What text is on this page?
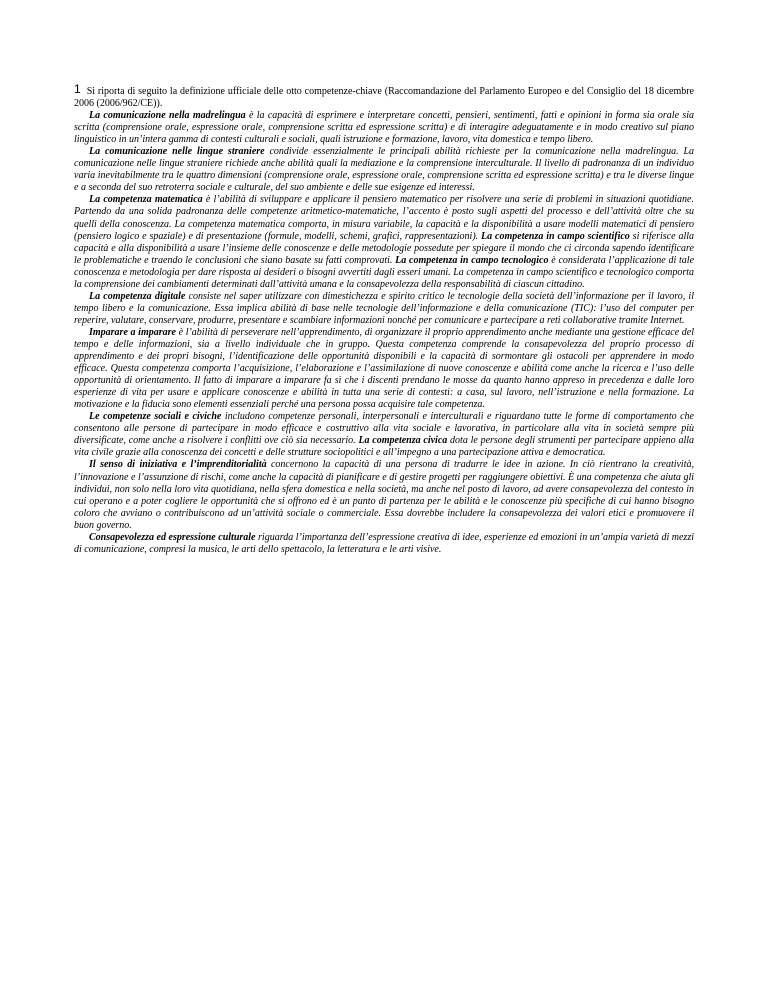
1 Si riporta di seguito la definizione ufficiale delle otto competenze-chiave (Raccomandazione del Parlamento Europeo e del Consiglio del 18 dicembre 2006 (2006/962/CE)).

La comunicazione nella madrelingua è la capacità di esprimere e interpretare concetti, pensieri, sentimenti, fatti e opinioni in forma sia orale sia scritta (comprensione orale, espressione orale, comprensione scritta ed espressione scritta) e di interagire adeguatamente e in modo creativo sul piano linguistico in un’intera gamma di contesti culturali e sociali, quali istruzione e formazione, lavoro, vita domestica e tempo libero.

La comunicazione nelle lingue straniere condivide essenzialmente le principali abilità richieste per la comunicazione nella madrelingua. La comunicazione nelle lingue straniere richiede anche abilità quali la mediazione e la comprensione interculturale. Il livello di padronanza di un individuo varia inevitabilmente tra le quattro dimensioni (comprensione orale, espressione orale, comprensione scritta ed espressione scritta) e tra le diverse lingue e a seconda del suo retroterra sociale e culturale, del suo ambiente e delle sue esigenze ed interessi.

La competenza matematica è l’abilità di sviluppare e applicare il pensiero matematico per risolvere una serie di problemi in situazioni quotidiane. Partendo da una solida padronanza delle competenze aritmetico-matematiche, l’accento è posto sugli aspetti del processo e dell’attività oltre che su quelli della conoscenza. La competenza matematica comporta, in misura variabile, la capacità e la disponibilità a usare modelli matematici di pensiero (pensiero logico e spaziale) e di presentazione (formule, modelli, schemi, grafici, rappresentazioni). La competenza in campo scientifico si riferisce alla capacità e alla disponibilità a usare l’insieme delle conoscenze e delle metodologie possedute per spiegare il mondo che ci circonda sapendo identificare le problematiche e traendo le conclusioni che siano basate su fatti comprovati. La competenza in campo tecnologico è considerata l’applicazione di tale conoscenza e metodologia per dare risposta ai desideri o bisogni avvertiti dagli esseri umani. La competenza in campo scientifico e tecnologico comporta la comprensione dei cambiamenti determinati dall’attività umana e la consapevolezza della responsabilità di ciascun cittadino.

La competenza digitale consiste nel saper utilizzare con dimestichezza e spirito critico le tecnologie della società dell’informazione per il lavoro, il tempo libero e la comunicazione. Essa implica abilità di base nelle tecnologie dell’informazione e della comunicazione (TIC): l’uso del computer per reperire, valutare, conservare, produrre, presentare e scambiare informazioni nonché per comunicare e partecipare a reti collaborative tramite Internet.

Imparare a imparare è l’abilità di perseverare nell’apprendimento, di organizzare il proprio apprendimento anche mediante una gestione efficace del tempo e delle informazioni, sia a livello individuale che in gruppo. Questa competenza comprende la consapevolezza del proprio processo di apprendimento e dei propri bisogni, l’identificazione delle opportunità disponibili e la capacità di sormontare gli ostacoli per apprendere in modo efficace. Questa competenza comporta l’acquisizione, l’elaborazione e l’assimilazione di nuove conoscenze e abilità come anche la ricerca e l’uso delle opportunità di orientamento. Il fatto di imparare a imparare fa sì che i discenti prendano le mosse da quanto hanno appreso in precedenza e dalle loro esperienze di vita per usare e applicare conoscenze e abilità in tutta una serie di contesti: a casa, sul lavoro, nell’istruzione e nella formazione. La motivazione e la fiducia sono elementi essenziali perché una persona possa acquisire tale competenza.

Le competenze sociali e civiche includono competenze personali, interpersonali e interculturali e riguardano tutte le forme di comportamento che consentono alle persone di partecipare in modo efficace e costruttivo alla vita sociale e lavorativa, in particolare alla vita in società sempre più diversificate, come anche a risolvere i conflitti ove ciò sia necessario. La competenza civica dota le persone degli strumenti per partecipare appieno alla vita civile grazie alla conoscenza dei concetti e delle strutture sociopolitici e all’impegno a una partecipazione attiva e democratica.

Il senso di iniziativa e l’imprenditorialità concernono la capacità di una persona di tradurre le idee in azione. In ciò rientrano la creatività, l’innovazione e l’assunzione di rischi, come anche la capacità di pianificare e di gestire progetti per raggiungere obiettivi. È una competenza che aiuta gli individui, non solo nella loro vita quotidiana, nella sfera domestica e nella società, ma anche nel posto di lavoro, ad avere consapevolezza del contesto in cui operano e a poter cogliere le opportunità che si offrono ed è un punto di partenza per le abilità e le conoscenze più specifiche di cui hanno bisogno coloro che avviano o contribuiscono ad un’attività sociale o commerciale. Essa dovrebbe includere la consapevolezza dei valori etici e promuovere il buon governo.

Consapevolezza ed espressione culturale riguarda l’importanza dell’espressione creativa di idee, esperienze ed emozioni in un’ampia varietà di mezzi di comunicazione, compresi la musica, le arti dello spettacolo, la letteratura e le arti visive.
